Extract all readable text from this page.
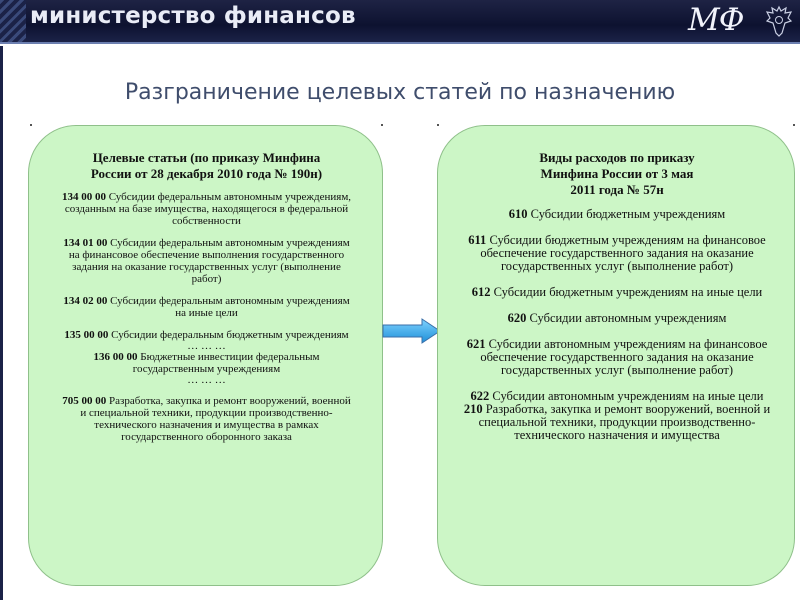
министерство финансов	МФ
Разграничение целевых статей по назначению
Целевые статьи (по приказу Минфина
России от 28 декабря 2010 года № 190н)

134 00 00 Субсидии федеральным автономным учреждениям, созданным на базе имущества, находящегося в федеральной собственности

134 01 00 Субсидии федеральным автономным учреждениям на финансовое обеспечение выполнения государственного задания на оказание государственных услуг (выполнение работ)

134 02 00 Субсидии федеральным автономным учреждениям на иные цели

135 00 00 Субсидии федеральным бюджетным учреждениям

… … …

136 00 00 Бюджетные инвестиции федеральным государственным учреждениям

… … …

705 00 00 Разработка, закупка и ремонт вооружений, военной и специальной техники, продукции производственно-технического назначения и имущества в рамках государственного оборонного заказа

Виды расходов по приказу
Минфина России от 3 мая
2011 года № 57н

610 Субсидии бюджетным учреждениям

611 Субсидии бюджетным учреждениям на финансовое обеспечение государственного задания на оказание государственных услуг (выполнение работ)

612 Субсидии бюджетным учреждениям на иные цели

620 Субсидии автономным учреждениям

621 Субсидии автономным учреждениям на финансовое обеспечение государственного задания на оказание государственных услуг (выполнение работ)

622 Субсидии автономным учреждениям на иные цели

210 Разработка, закупка и ремонт вооружений, военной и специальной техники, продукции производственно-технического назначения и имущества
